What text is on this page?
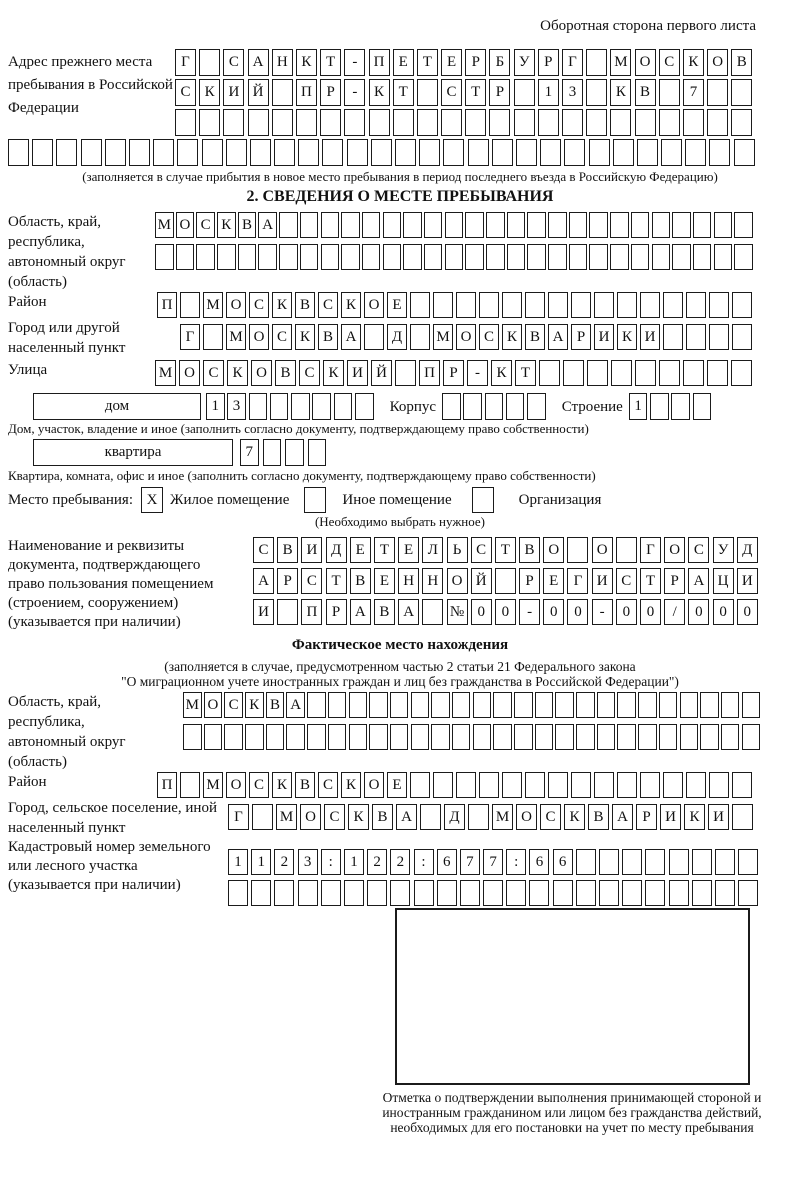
Оборотная сторона первого листа
Адрес прежнего места пребывания в Российской Федерации
Г	С А Н К Т	-	П Е	Т	Е	Р	Б У Р	Г	М О С К О В
С К И Й	П Р	-	К Т	С Т	Р	1	3	К В	7
(заполняется в случае прибытия в новое место пребывания в период последнего въезда в Российскую Федерацию)
2. СВЕДЕНИЯ О МЕСТЕ ПРЕБЫВАНИЯ
Область, край, республика, автономный округ (область)
М О С К В А
Район	П	М О С К В С К О Е
Город или другой населенный пункт
Г	М О С К В А	Д	М О С К В А Р И К И
Улица	М О С К О В С К И Й	П Р	-	К Т
дом	1 3	Корпус	Строение 1
Дом, участок, владение и иное (заполнить согласно документу, подтверждающему право собственности)
квартира	7
Квартира, комната, офис и иное (заполнить согласно документу, подтверждающему право собственности)
Место пребывания: X Жилое помещение	Иное помещение	Организация
(Необходимо выбрать нужное)
Наименование и реквизиты документа, подтверждающего право пользования помещением (строением, сооружением) (указывается при наличии)
С В И Д Е	Т	Е Л Ь С Т В О	О	Г О С У Д
А Р	С Т В Е Н Н О Й	Р	Е	Г И С Т	Р А Ц И
И	П Р А В А	№ 0	0	-	0	0	-	0	0	/	0	0	0
Фактическое место нахождения
(заполняется в случае, предусмотренном частью 2 статьи 21 Федерального закона
"О миграционном учете иностранных граждан и лиц без гражданства в Российской Федерации")
Область, край, республика, автономный округ (область)
М О С К В А
Район	П	М О С К В С К О Е
Город, сельское поселение, иной населенный пункт
Г	М О С К В А	Д	М О С К В А Р И К И
Кадастровый номер земельного или лесного участка (указывается при наличии)
1	1	2	3	:	1	2	2	:	6	7	7	:	6	6
Отметка о подтверждении выполнения принимающей стороной и иностранным гражданином или лицом без гражданства действий, необходимых для его постановки на учет по месту пребывания
